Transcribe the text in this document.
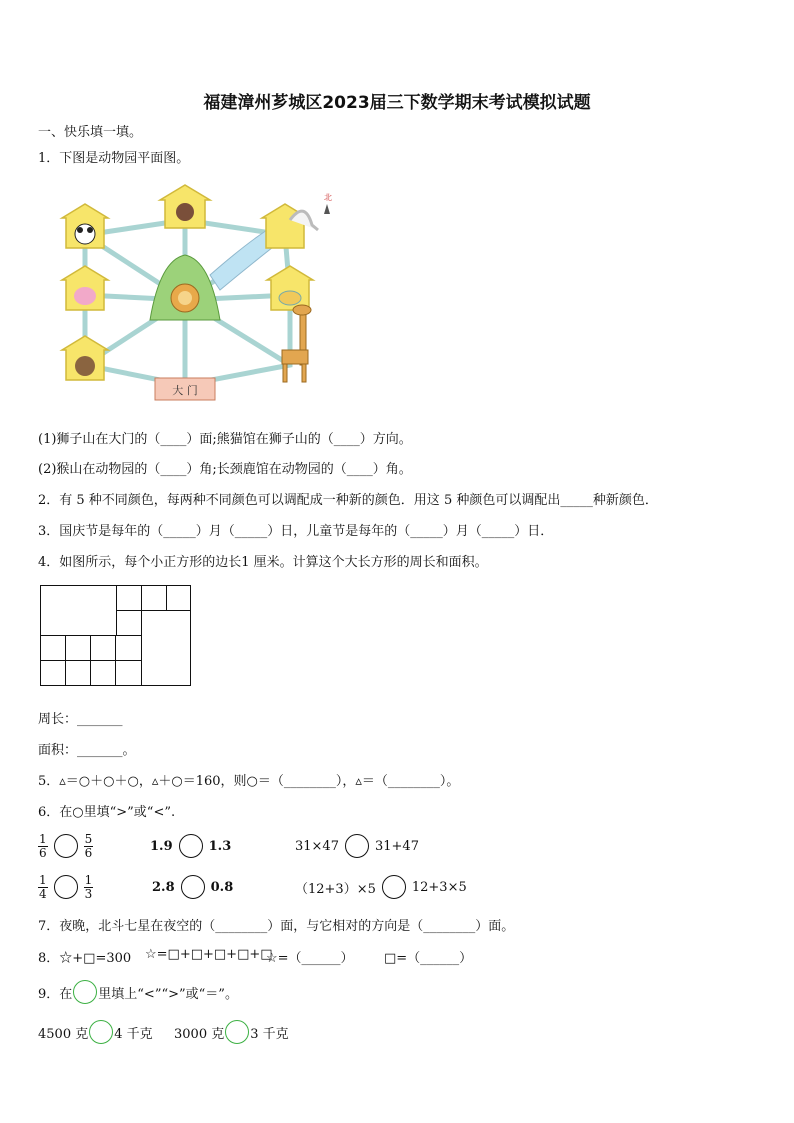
福建漳州芗城区2023届三下数学期末考试模拟试题
一、快乐填一填。
1．下图是动物园平面图。
大 门
北
(1)狮子山在大门的（____）面;熊猫馆在狮子山的（____）方向。
(2)猴山在动物园的（____）角;长颈鹿馆在动物园的（____）角。
2．有 5 种不同颜色，每两种不同颜色可以调配成一种新的颜色．用这 5 种颜色可以调配出_____种新颜色．
3．国庆节是每年的（_____）月（_____）日，儿童节是每年的（_____）月（_____）日．
4．如图所示，每个小正方形的边长1 厘米。计算这个大长方形的周长和面积。
周长：_______
面积：_______。
5．▵＝○＋○＋○，▵＋○＝160，则○＝（________），▵＝（________）。
6．在○里填“>”或“<”.
$\frac{1}{6}$	$\frac{5}{6}$	1.9	1.3	31×47	31+47
$\frac{1}{4}$	$\frac{1}{3}$	2.8	0.8	（12+3）×5	12+3×5
7．夜晚，北斗七星在夜空的（________）面，与它相对的方向是（________）面。
8．☆+□=300 ☆=□+□+□+□+□
☆=（______） □=（______）
9．在 里填上“<”“>”或“＝”。
4500 克 4 千克 3000 克 3 千克
